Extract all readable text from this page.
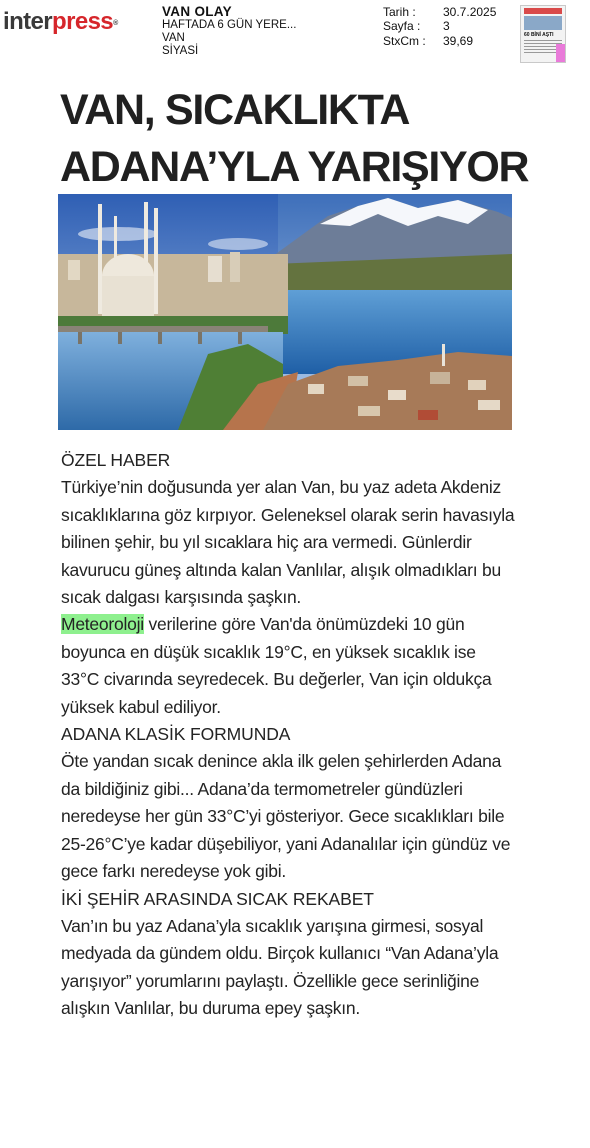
interpress®
VAN OLAY
HAFTADA 6 GÜN YERE...
VAN
SİYASİ
Tarih :	30.7.2025
Sayfa :	3
StxCm :	39,69	60 BİNİ AŞTI
VAN, SICAKLIKTA
ADANA’YLA YARIŞIYOR

ÖZEL HABER

Türkiye’nin doğusunda yer alan Van, bu yaz adeta Akdeniz sıcaklıklarına göz kırpıyor. Geleneksel olarak serin havasıyla bilinen şehir, bu yıl sıcaklara hiç ara vermedi. Günlerdir kavurucu güneş altında kalan Vanlılar, alışık olmadıkları bu sıcak dalgası karşısında şaşkın.

Meteoroloji verilerine göre Van'da önümüzdeki 10 gün boyunca en düşük sıcaklık 19°C, en yüksek sıcaklık ise 33°C civarında seyredecek. Bu değerler, Van için oldukça yüksek kabul ediliyor.

ADANA KLASİK FORMUNDA

Öte yandan sıcak denince akla ilk gelen şehirlerden Adana da bildiğiniz gibi... Adana’da termometreler gündüzleri neredeyse her gün 33°C’yi gösteriyor. Gece sıcaklıkları bile 25-26°C’ye kadar düşebiliyor, yani Adanalılar için gündüz ve gece farkı neredeyse yok gibi.

İKİ ŞEHİR ARASINDA SICAK REKABET

Van’ın bu yaz Adana’yla sıcaklık yarışına girmesi, sosyal medyada da gündem oldu. Birçok kullanıcı “Van Adana’yla yarışıyor” yorumlarını paylaştı. Özellikle gece serinliğine alışkın Vanlılar, bu duruma epey şaşkın.
